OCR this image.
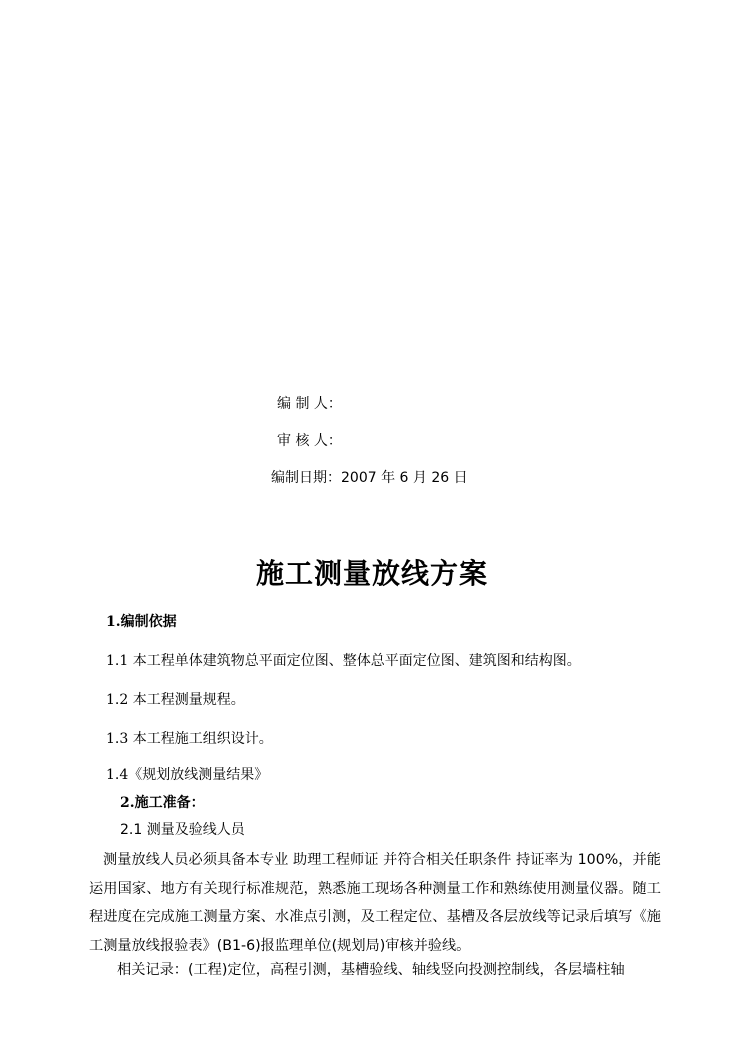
编 制 人：
审 核 人：
编制日期：2007 年 6 月 26 日
施工测量放线方案
1.编制依据
1.1 本工程单体建筑物总平面定位图、整体总平面定位图、建筑图和结构图。
1.2 本工程测量规程。
1.3 本工程施工组织设计。
1.4《规划放线测量结果》
2.施工准备：
2.1 测量及验线人员
测量放线人员必须具备本专业 助理工程师证 并符合相关任职条件 持证率为 100%，并能运用国家、地方有关现行标准规范，熟悉施工现场各种测量工作和熟练使用测量仪器。随工程进度在完成施工测量方案、水准点引测，及工程定位、基槽及各层放线等记录后填写《施工测量放线报验表》(B1-6)报监理单位(规划局)审核并验线。
相关记录：(工程)定位，高程引测，基槽验线、轴线竖向投测控制线，各层墙柱轴
